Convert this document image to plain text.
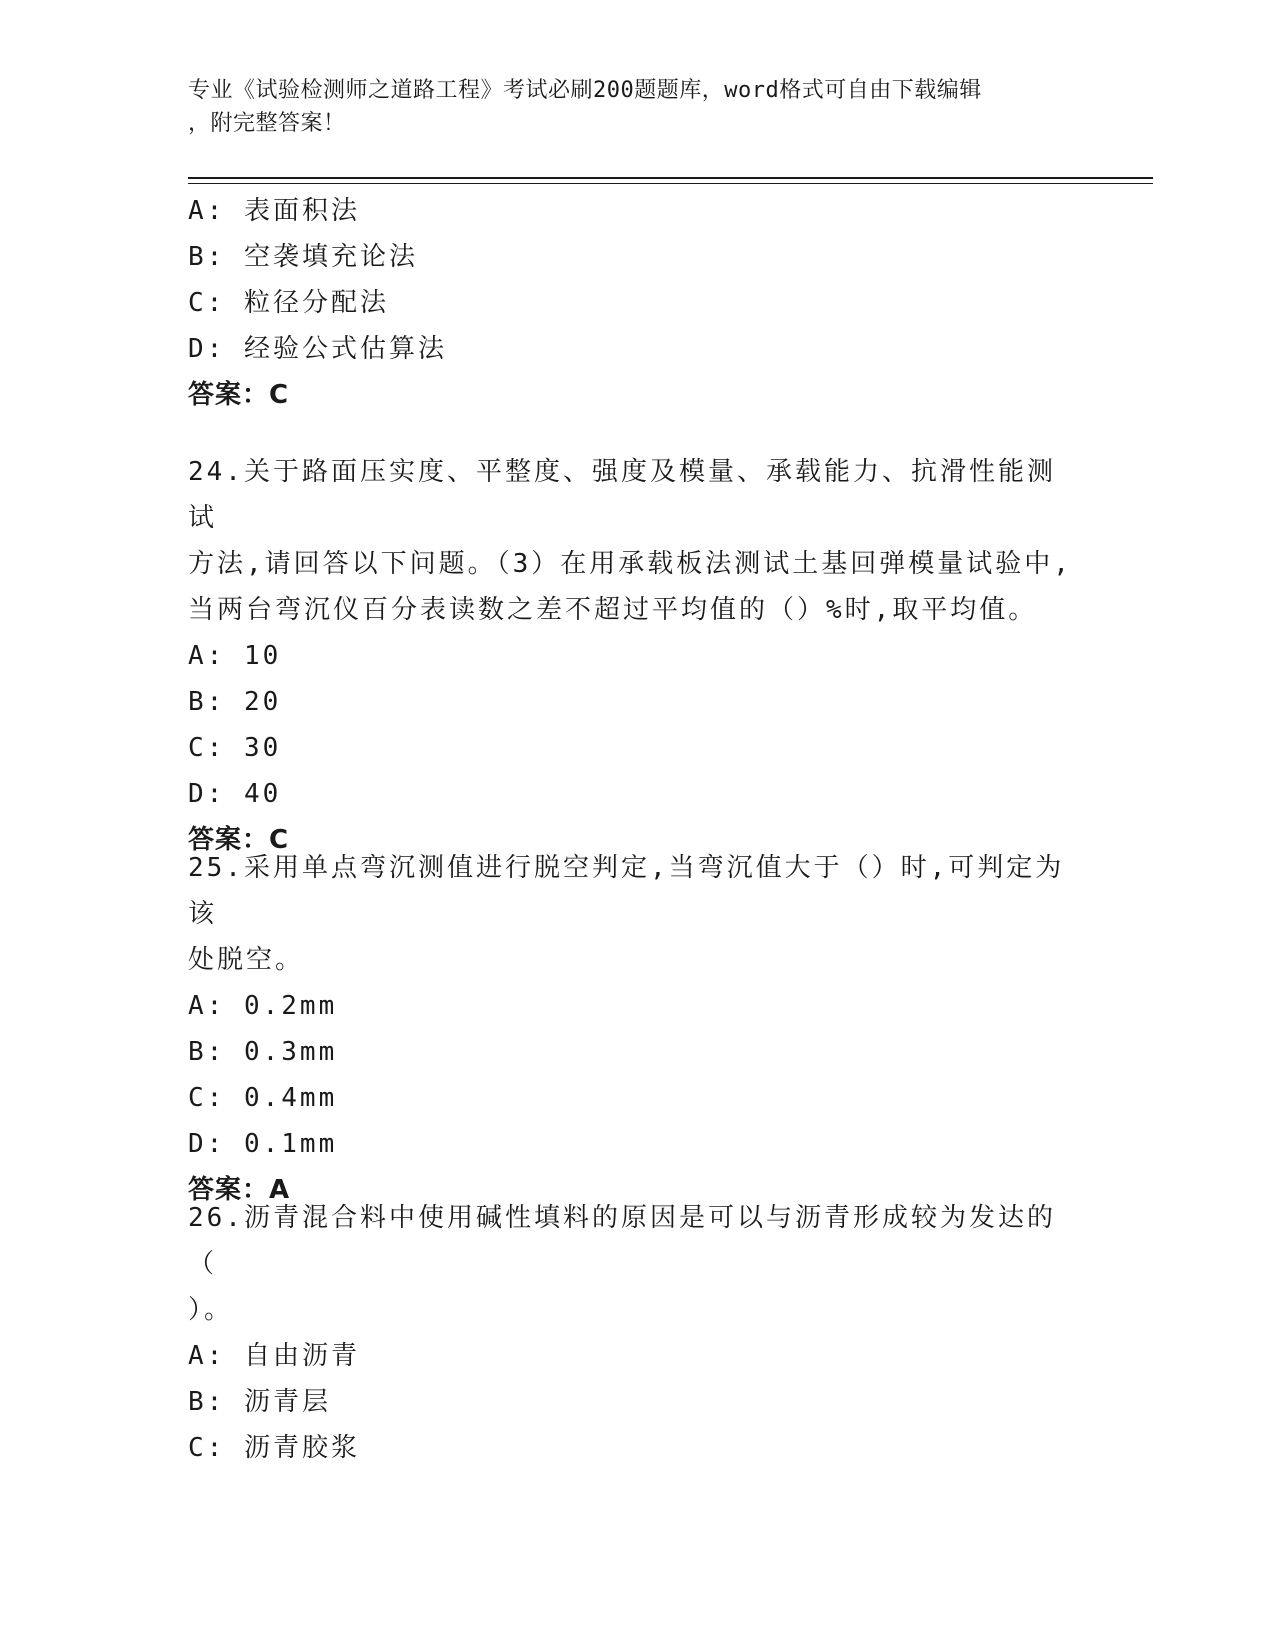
专业《试验检测师之道路工程》考试必刷200题题库，word格式可自由下载编辑
，附完整答案！
A: 表面积法
B: 空袭填充论法
C: 粒径分配法
D: 经验公式估算法
答案：C
24.关于路面压实度、平整度、强度及模量、承载能力、抗滑性能测试
方法,请回答以下问题。（3）在用承载板法测试土基回弹模量试验中,
当两台弯沉仪百分表读数之差不超过平均值的（）%时,取平均值。
A: 10
B: 20
C: 30
D: 40
答案：C
25.采用单点弯沉测值进行脱空判定,当弯沉值大于（）时,可判定为该
处脱空。
A: 0.2mm
B: 0.3mm
C: 0.4mm
D: 0.1mm
答案：A
26.沥青混合料中使用碱性填料的原因是可以与沥青形成较为发达的（
）。
A: 自由沥青
B: 沥青层
C: 沥青胶浆
